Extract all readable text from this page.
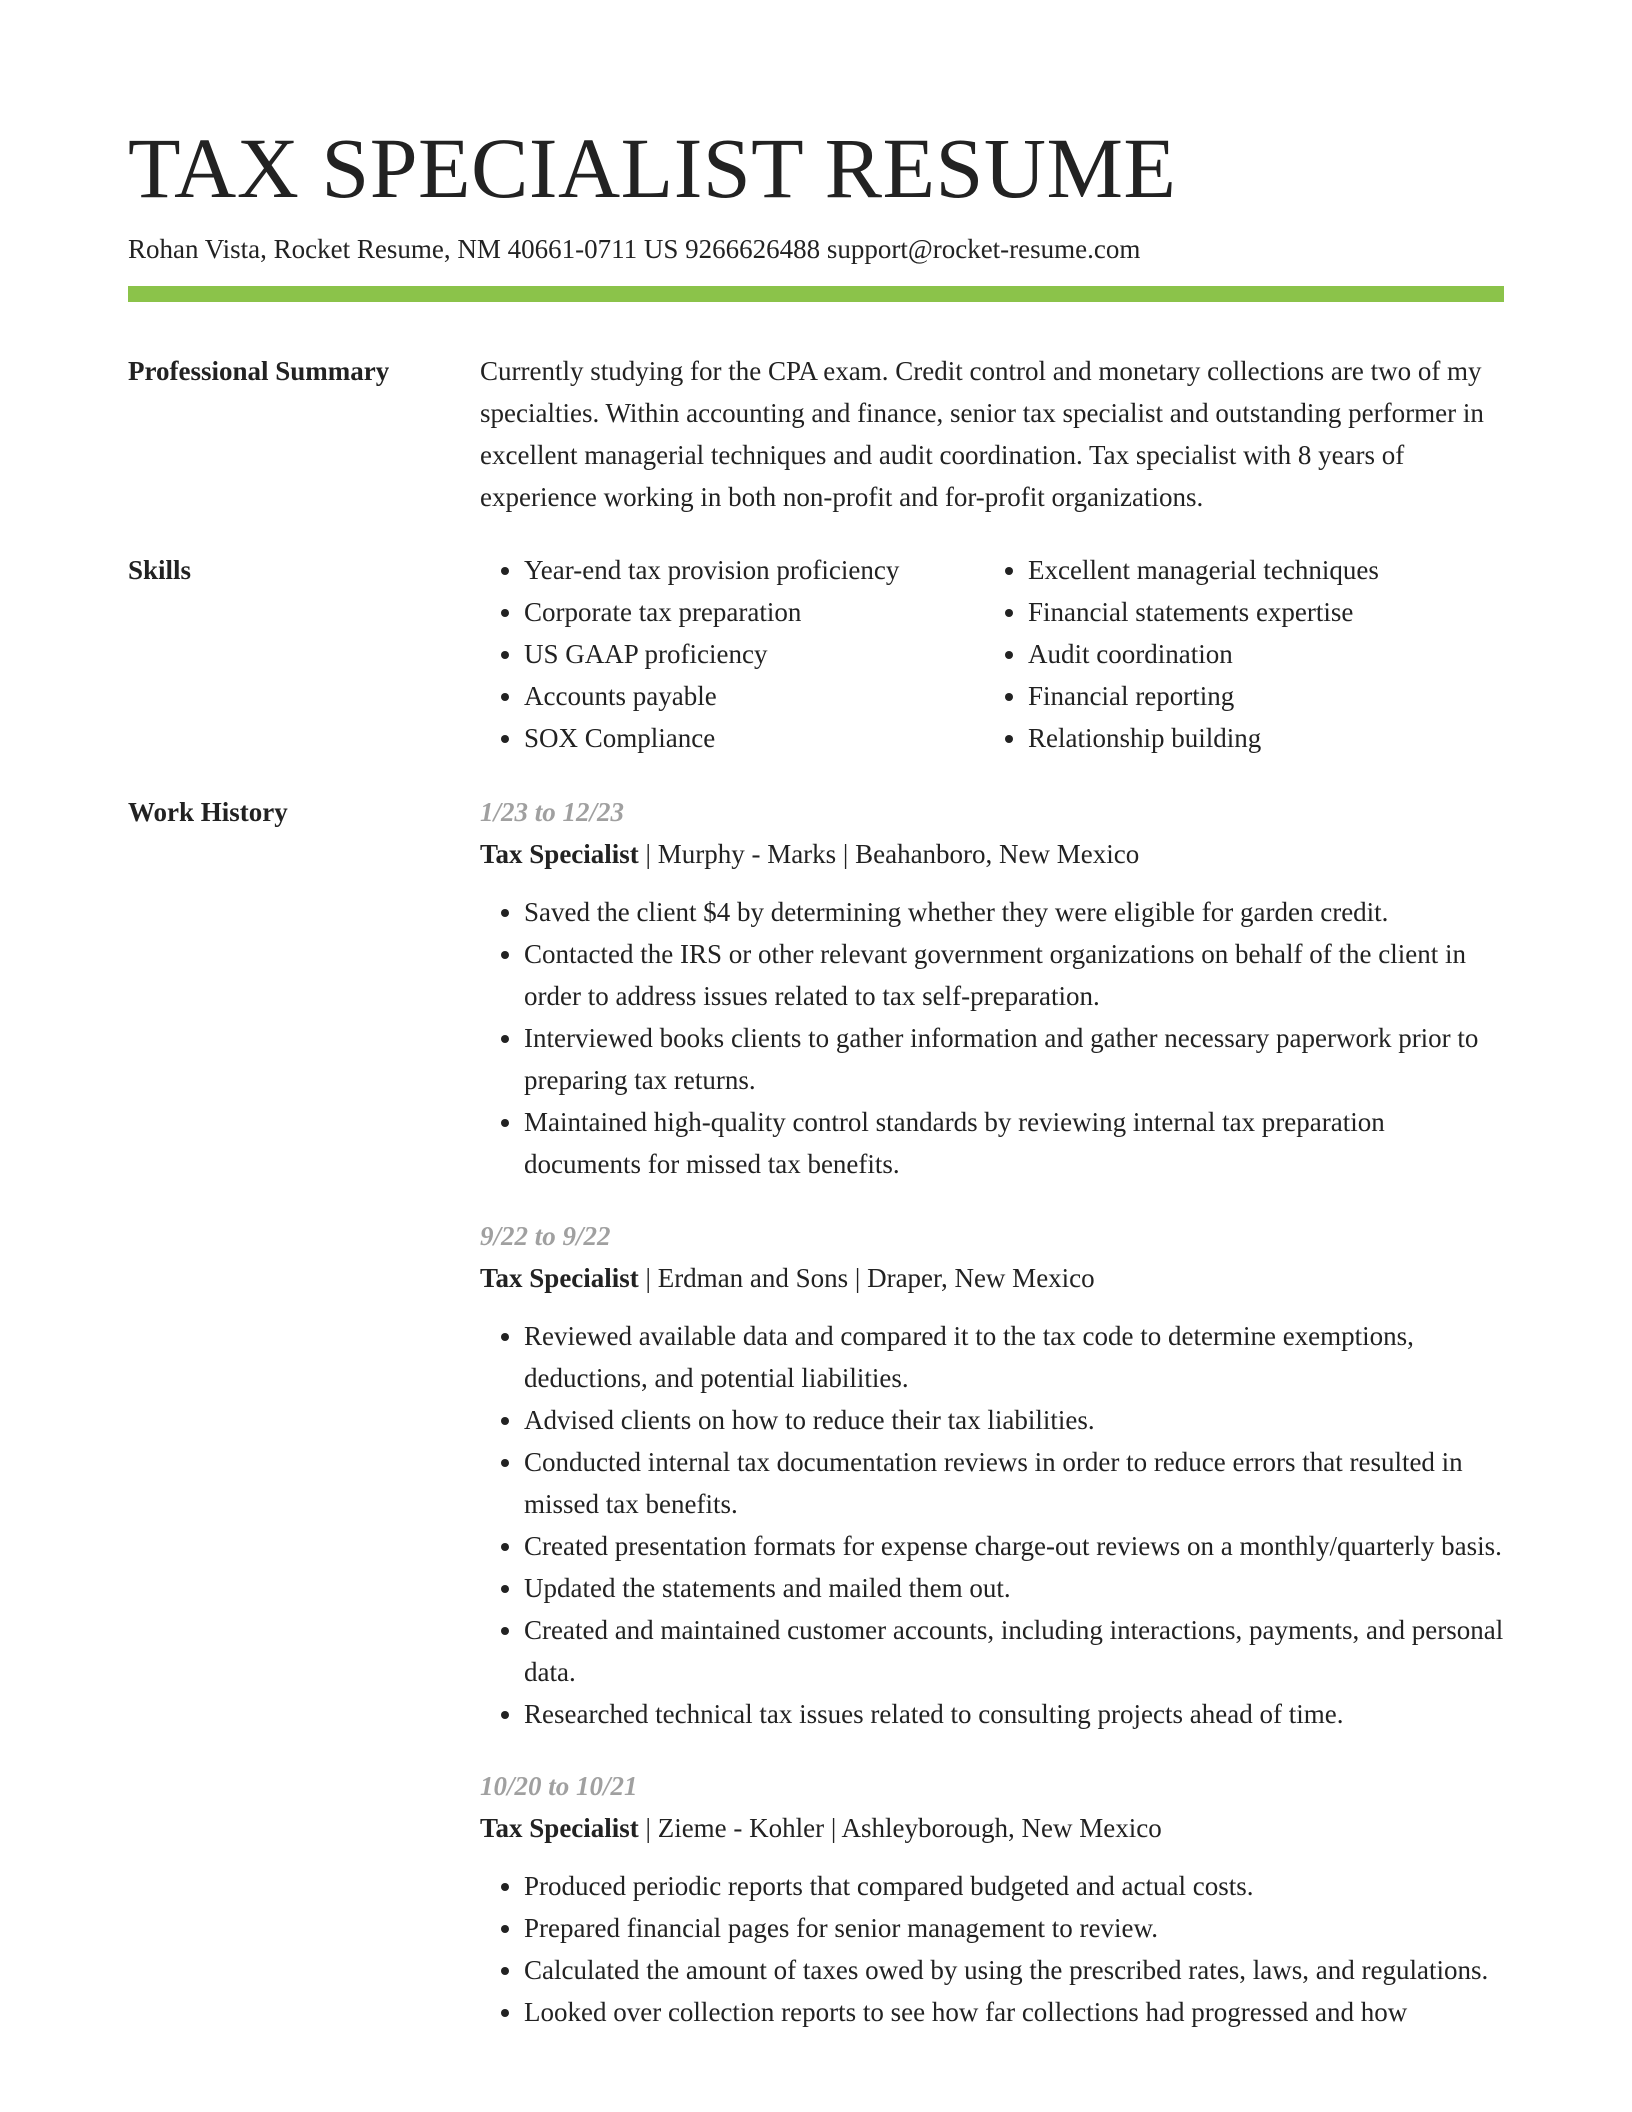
TAX SPECIALIST RESUME
Rohan Vista, Rocket Resume, NM 40661-0711 US 9266626488 support@rocket-resume.com
Professional Summary	Currently studying for the CPA exam. Credit control and monetary collections are two of my specialties. Within accounting and finance, senior tax specialist and outstanding performer in excellent managerial techniques and audit coordination. Tax specialist with 8 years of experience working in both non-profit and for-profit organizations.

Skills
•	Year-end tax provision proficiency
• Corporate tax preparation
• US GAAP proficiency
• Accounts payable
• SOX Compliance
• Excellent managerial techniques
• Financial statements expertise
• Audit coordination
• Financial reporting
• Relationship building
Work History	1/23 to 12/23
Tax Specialist | Murphy - Marks | Beahanboro, New Mexico
• Saved the client $4 by determining whether they were eligible for garden credit.
• Contacted the IRS or other relevant government organizations on behalf of the client in order to address issues related to tax self-preparation.
• Interviewed books clients to gather information and gather necessary paperwork prior to preparing tax returns.
• Maintained high-quality control standards by reviewing internal tax preparation documents for missed tax benefits.
9/22 to 9/22
Tax Specialist | Erdman and Sons | Draper, New Mexico
• Reviewed available data and compared it to the tax code to determine exemptions, deductions, and potential liabilities.
• Advised clients on how to reduce their tax liabilities.
• Conducted internal tax documentation reviews in order to reduce errors that resulted in missed tax benefits.
• Created presentation formats for expense charge-out reviews on a monthly/quarterly basis.
• Updated the statements and mailed them out.
• Created and maintained customer accounts, including interactions, payments, and personal data.
• Researched technical tax issues related to consulting projects ahead of time.
10/20 to 10/21
Tax Specialist | Zieme - Kohler | Ashleyborough, New Mexico
• Produced periodic reports that compared budgeted and actual costs.
• Prepared financial pages for senior management to review.
• Calculated the amount of taxes owed by using the prescribed rates, laws, and regulations.
• Looked over collection reports to see how far collections had progressed and how
